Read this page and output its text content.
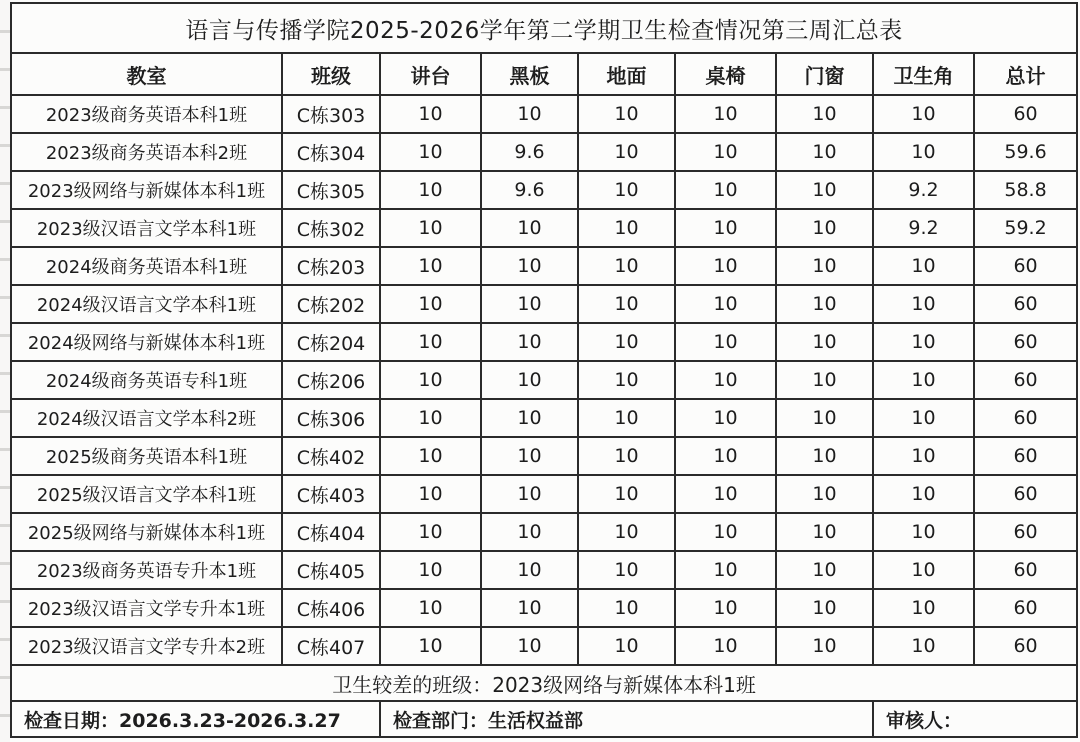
语言与传播学院2025-2026学年第二学期卫生检查情况第三周汇总表								
教室	班级	讲台	黑板	地面	桌椅	门窗	卫生角	总计
2023级商务英语本科1班	C栋303	10	10	10	10	10	10	60
2023级商务英语本科2班	C栋304	10	9.6	10	10	10	10	59.6
2023级网络与新媒体本科1班	C栋305	10	9.6	10	10	10	9.2	58.8
2023级汉语言文学本科1班	C栋302	10	10	10	10	10	9.2	59.2
2024级商务英语本科1班	C栋203	10	10	10	10	10	10	60
2024级汉语言文学本科1班	C栋202	10	10	10	10	10	10	60
2024级网络与新媒体本科1班	C栋204	10	10	10	10	10	10	60
2024级商务英语专科1班	C栋206	10	10	10	10	10	10	60
2024级汉语言文学本科2班	C栋306	10	10	10	10	10	10	60
2025级商务英语本科1班	C栋402	10	10	10	10	10	10	60
2025级汉语言文学本科1班	C栋403	10	10	10	10	10	10	60
2025级网络与新媒体本科1班	C栋404	10	10	10	10	10	10	60
2023级商务英语专升本1班	C栋405	10	10	10	10	10	10	60
2023级汉语言文学专升本1班	C栋406	10	10	10	10	10	10	60
2023级汉语言文学专升本2班	C栋407	10	10	10	10	10	10	60
卫生较差的班级：2023级网络与新媒体本科1班								
检查日期：2026.3.23-2026.3.27		检查部门：生活权益部					审核人：	
